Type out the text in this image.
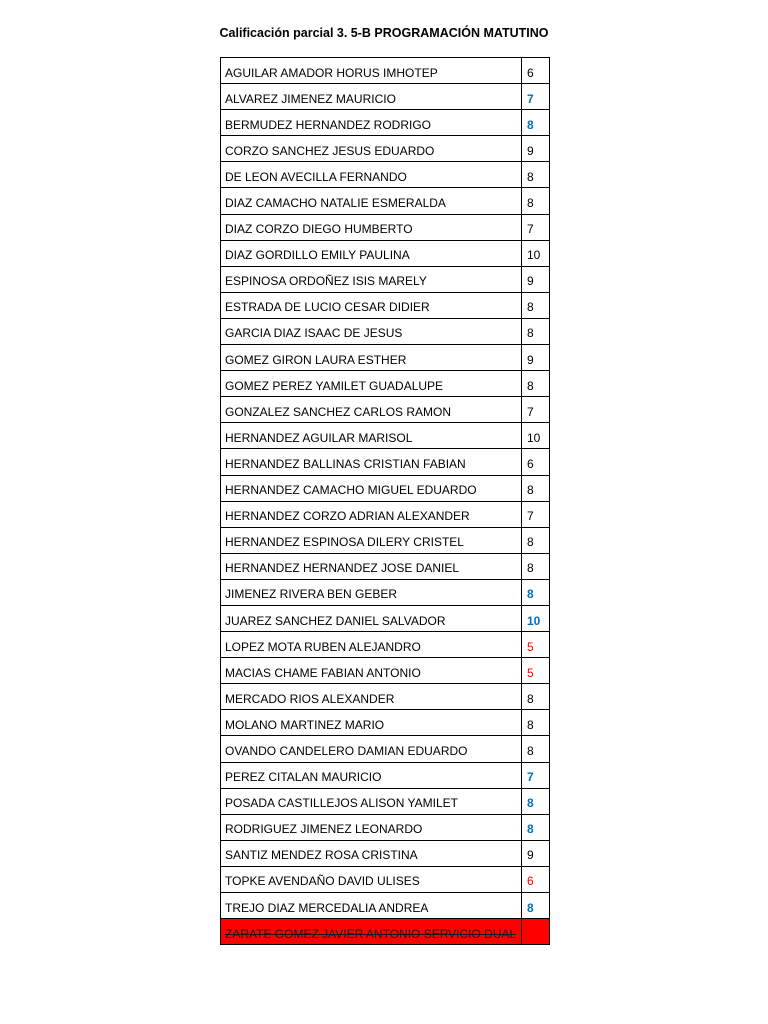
Calificación parcial 3. 5-B PROGRAMACIÓN MATUTINO
AGUILAR AMADOR HORUS IMHOTEP	6
ALVAREZ JIMENEZ MAURICIO	7
BERMUDEZ HERNANDEZ RODRIGO	8
CORZO SANCHEZ JESUS EDUARDO	9
DE LEON AVECILLA FERNANDO	8
DIAZ CAMACHO NATALIE ESMERALDA	8
DIAZ CORZO DIEGO HUMBERTO	7
DIAZ GORDILLO EMILY PAULINA	10
ESPINOSA ORDOÑEZ ISIS MARELY	9
ESTRADA DE LUCIO CESAR DIDIER	8
GARCIA DIAZ ISAAC DE JESUS	8
GOMEZ GIRON LAURA ESTHER	9
GOMEZ PEREZ YAMILET GUADALUPE	8
GONZALEZ SANCHEZ CARLOS RAMON	7
HERNANDEZ AGUILAR MARISOL	10
HERNANDEZ BALLINAS CRISTIAN FABIAN	6
HERNANDEZ CAMACHO MIGUEL EDUARDO	8
HERNANDEZ CORZO ADRIAN ALEXANDER	7
HERNANDEZ ESPINOSA DILERY CRISTEL	8
HERNANDEZ HERNANDEZ JOSE DANIEL	8
JIMENEZ RIVERA BEN GEBER	8
JUAREZ SANCHEZ DANIEL SALVADOR	10
LOPEZ MOTA RUBEN ALEJANDRO	5
MACIAS CHAME FABIAN ANTONIO	5
MERCADO RIOS ALEXANDER	8
MOLANO MARTINEZ MARIO	8
OVANDO CANDELERO DAMIAN EDUARDO	8
PEREZ CITALAN MAURICIO	7
POSADA CASTILLEJOS ALISON YAMILET	8
RODRIGUEZ JIMENEZ LEONARDO	8
SANTIZ MENDEZ ROSA CRISTINA	9
TOPKE AVENDAÑO DAVID ULISES	6
TREJO DIAZ MERCEDALIA ANDREA	8
ZARATE GOMEZ JAVIER ANTONIO SERVICIO DUAL	
